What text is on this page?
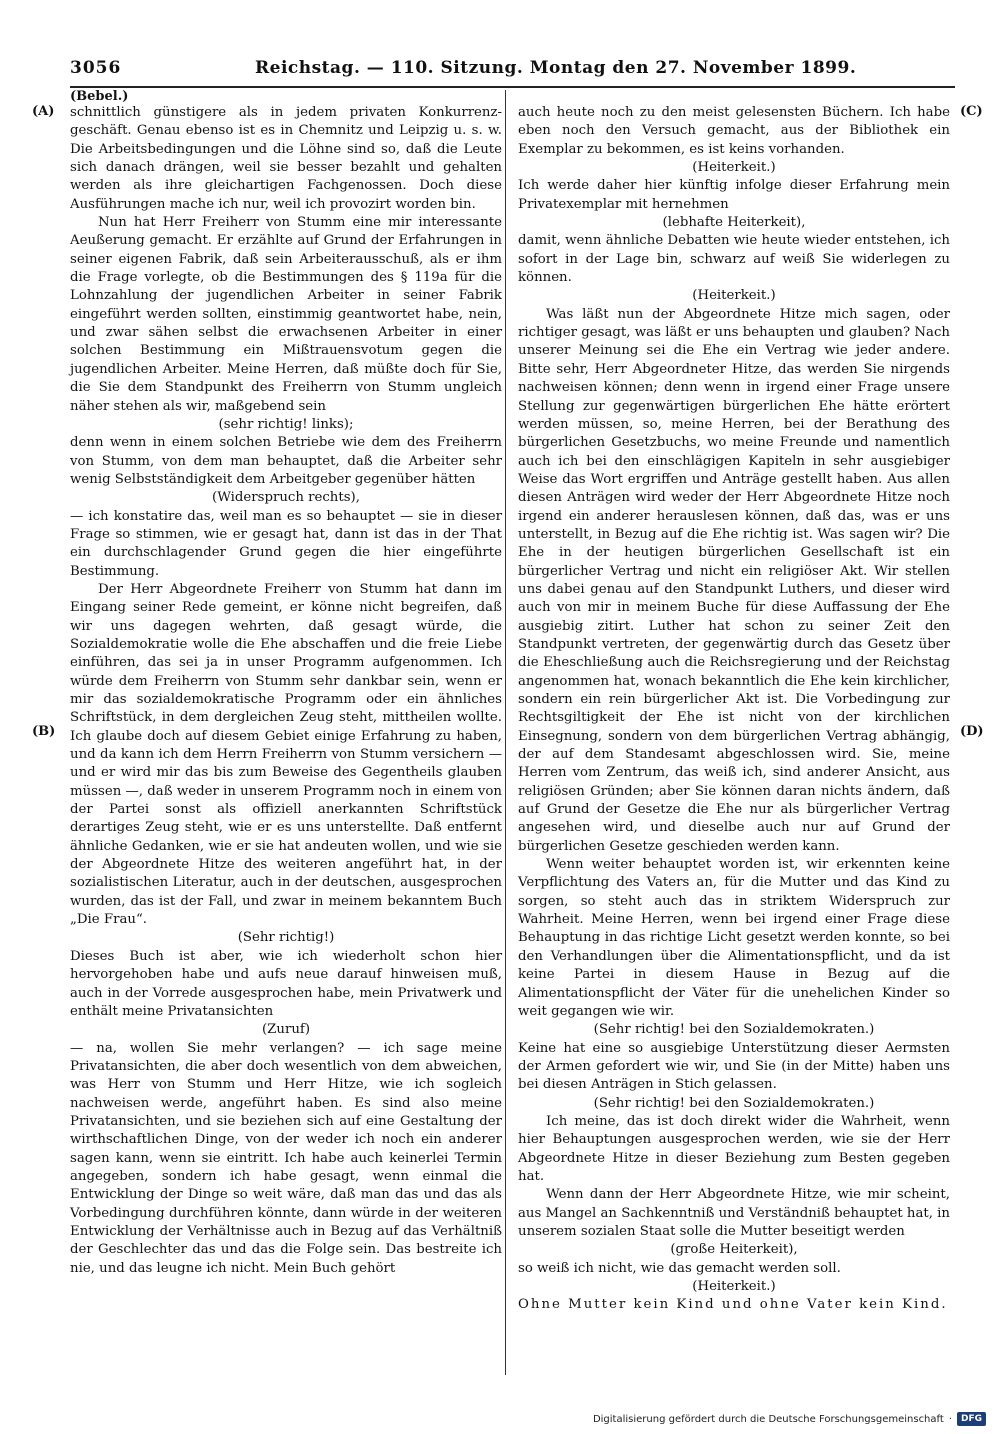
3056	Reichstag. — 110. Sitzung. Montag den 27. November 1899.
(Bebel.)
(A)
(B)
(C)
(D)

schnittlich günstigere als in jedem privaten Konkurrenz-geschäft. Genau ebenso ist es in Chemnitz und Leipzig u. s. w. Die Arbeitsbedingungen und die Löhne sind so, daß die Leute sich danach drängen, weil sie besser bezahlt und gehalten werden als ihre gleichartigen Fachgenossen. Doch diese Ausführungen mache ich nur, weil ich provozirt worden bin.

Nun hat Herr Freiherr von Stumm eine mir interessante Aeußerung gemacht. Er erzählte auf Grund der Erfahrungen in seiner eigenen Fabrik, daß sein Arbeiterausschuß, als er ihm die Frage vorlegte, ob die Bestimmungen des § 119a für die Lohnzahlung der jugendlichen Arbeiter in seiner Fabrik eingeführt werden sollten, einstimmig geantwortet habe, nein, und zwar sähen selbst die erwachsenen Arbeiter in einer solchen Bestimmung ein Mißtrauensvotum gegen die jugendlichen Arbeiter. Meine Herren, daß müßte doch für Sie, die Sie dem Standpunkt des Freiherrn von Stumm ungleich näher stehen als wir, maßgebend sein

(sehr richtig! links);

denn wenn in einem solchen Betriebe wie dem des Freiherrn von Stumm, von dem man behauptet, daß die Arbeiter sehr wenig Selbstständigkeit dem Arbeitgeber gegenüber hätten

(Widerspruch rechts),

— ich konstatire das, weil man es so behauptet — sie in dieser Frage so stimmen, wie er gesagt hat, dann ist das in der That ein durchschlagender Grund gegen die hier eingeführte Bestimmung.

Der Herr Abgeordnete Freiherr von Stumm hat dann im Eingang seiner Rede gemeint, er könne nicht begreifen, daß wir uns dagegen wehrten, daß gesagt würde, die Sozialdemokratie wolle die Ehe abschaffen und die freie Liebe einführen, das sei ja in unser Programm aufgenommen. Ich würde dem Freiherrn von Stumm sehr dankbar sein, wenn er mir das sozialdemokratische Programm oder ein ähnliches Schriftstück, in dem dergleichen Zeug steht, mittheilen wollte. Ich glaube doch auf diesem Gebiet einige Erfahrung zu haben, und da kann ich dem Herrn Freiherrn von Stumm versichern — und er wird mir das bis zum Beweise des Gegentheils glauben müssen —, daß weder in unserem Programm noch in einem von der Partei sonst als offiziell anerkannten Schriftstück derartiges Zeug steht, wie er es uns unterstellte. Daß entfernt ähnliche Gedanken, wie er sie hat andeuten wollen, und wie sie der Abgeordnete Hitze des weiteren angeführt hat, in der sozialistischen Literatur, auch in der deutschen, ausgesprochen wurden, das ist der Fall, und zwar in meinem bekanntem Buch „Die Frau“.

(Sehr richtig!)

Dieses Buch ist aber, wie ich wiederholt schon hier hervorgehoben habe und aufs neue darauf hinweisen muß, auch in der Vorrede ausgesprochen habe, mein Privatwerk und enthält meine Privatansichten

(Zuruf)

— na, wollen Sie mehr verlangen? — ich sage meine Privatansichten, die aber doch wesentlich von dem abweichen, was Herr von Stumm und Herr Hitze, wie ich sogleich nachweisen werde, angeführt haben. Es sind also meine Privatansichten, und sie beziehen sich auf eine Gestaltung der wirthschaftlichen Dinge, von der weder ich noch ein anderer sagen kann, wenn sie eintritt. Ich habe auch keinerlei Termin angegeben, sondern ich habe gesagt, wenn einmal die Entwicklung der Dinge so weit wäre, daß man das und das als Vorbedingung durchführen könnte, dann würde in der weiteren Entwicklung der Verhältnisse auch in Bezug auf das Verhältniß der Geschlechter das und das die Folge sein. Das bestreite ich nie, und das leugne ich nicht. Mein Buch gehört

auch heute noch zu den meist gelesensten Büchern. Ich habe eben noch den Versuch gemacht, aus der Bibliothek ein Exemplar zu bekommen, es ist keins vorhanden.

(Heiterkeit.)

Ich werde daher hier künftig infolge dieser Erfahrung mein Privatexemplar mit hernehmen

(lebhafte Heiterkeit),

damit, wenn ähnliche Debatten wie heute wieder entstehen, ich sofort in der Lage bin, schwarz auf weiß Sie widerlegen zu können.

(Heiterkeit.)

Was läßt nun der Abgeordnete Hitze mich sagen, oder richtiger gesagt, was läßt er uns behaupten und glauben? Nach unserer Meinung sei die Ehe ein Vertrag wie jeder andere. Bitte sehr, Herr Abgeordneter Hitze, das werden Sie nirgends nachweisen können; denn wenn in irgend einer Frage unsere Stellung zur gegenwärtigen bürgerlichen Ehe hätte erörtert werden müssen, so, meine Herren, bei der Berathung des bürgerlichen Gesetzbuchs, wo meine Freunde und namentlich auch ich bei den einschlägigen Kapiteln in sehr ausgiebiger Weise das Wort ergriffen und Anträge gestellt haben. Aus allen diesen Anträgen wird weder der Herr Abgeordnete Hitze noch irgend ein anderer herauslesen können, daß das, was er uns unterstellt, in Bezug auf die Ehe richtig ist. Was sagen wir? Die Ehe in der heutigen bürgerlichen Gesellschaft ist ein bürgerlicher Vertrag und nicht ein religiöser Akt. Wir stellen uns dabei genau auf den Standpunkt Luthers, und dieser wird auch von mir in meinem Buche für diese Auffassung der Ehe ausgiebig zitirt. Luther hat schon zu seiner Zeit den Standpunkt vertreten, der gegenwärtig durch das Gesetz über die Eheschließung auch die Reichsregierung und der Reichstag angenommen hat, wonach bekanntlich die Ehe kein kirchlicher, sondern ein rein bürgerlicher Akt ist. Die Vorbedingung zur Rechtsgiltigkeit der Ehe ist nicht von der kirchlichen Einsegnung, sondern von dem bürgerlichen Vertrag abhängig, der auf dem Standesamt abgeschlossen wird. Sie, meine Herren vom Zentrum, das weiß ich, sind anderer Ansicht, aus religiösen Gründen; aber Sie können daran nichts ändern, daß auf Grund der Gesetze die Ehe nur als bürgerlicher Vertrag angesehen wird, und dieselbe auch nur auf Grund der bürgerlichen Gesetze geschieden werden kann.

Wenn weiter behauptet worden ist, wir erkennten keine Verpflichtung des Vaters an, für die Mutter und das Kind zu sorgen, so steht auch das in striktem Widerspruch zur Wahrheit. Meine Herren, wenn bei irgend einer Frage diese Behauptung in das richtige Licht gesetzt werden konnte, so bei den Verhandlungen über die Alimentationspflicht, und da ist keine Partei in diesem Hause in Bezug auf die Alimentationspflicht der Väter für die unehelichen Kinder so weit gegangen wie wir.

(Sehr richtig! bei den Sozialdemokraten.)

Keine hat eine so ausgiebige Unterstützung dieser Aermsten der Armen gefordert wie wir, und Sie (in der Mitte) haben uns bei diesen Anträgen in Stich gelassen.

(Sehr richtig! bei den Sozialdemokraten.)

Ich meine, das ist doch direkt wider die Wahrheit, wenn hier Behauptungen ausgesprochen werden, wie sie der Herr Abgeordnete Hitze in dieser Beziehung zum Besten gegeben hat.

Wenn dann der Herr Abgeordnete Hitze, wie mir scheint, aus Mangel an Sachkenntniß und Verständniß behauptet hat, in unserem sozialen Staat solle die Mutter beseitigt werden

(große Heiterkeit),

so weiß ich nicht, wie das gemacht werden soll.

(Heiterkeit.)

Ohne Mutter kein Kind und ohne Vater kein Kind.

Digitalisierung gefördert durch die Deutsche Forschungsgemeinschaft ·	DFG
